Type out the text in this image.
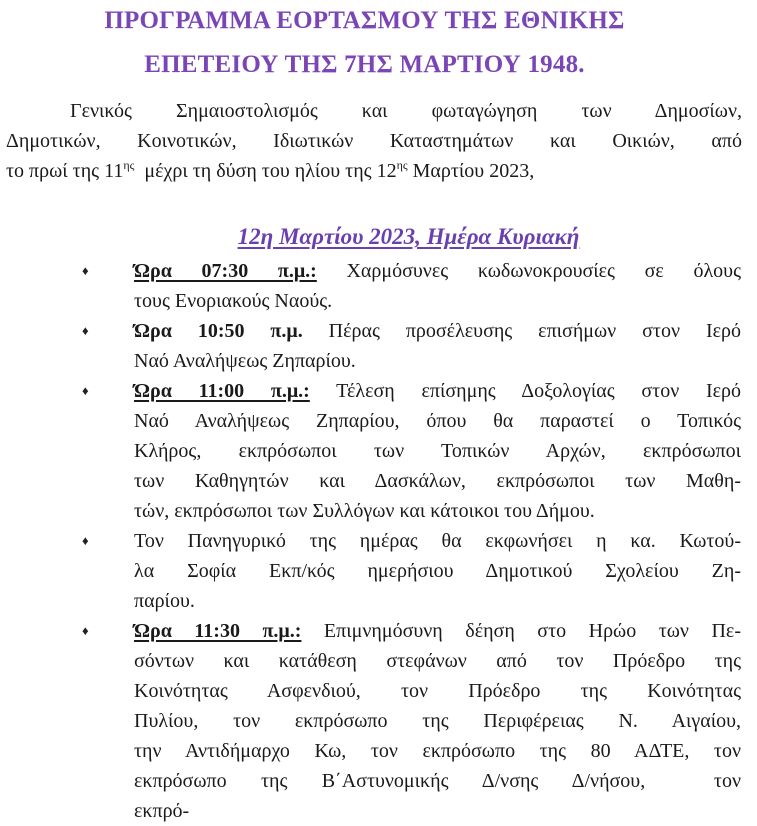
ΠΡΟΓΡΑΜΜΑ ΕΟΡΤΑΣΜΟΥ ΤΗΣ ΕΘΝΙΚΗΣ
ΕΠΕΤΕΙΟΥ ΤΗΣ 7ΗΣ ΜΑΡΤΙΟΥ 1948.
Γενικός Σημαιοστολισμός και φωταγώγηση των Δημοσίων,
Δημοτικών, Κοινοτικών, Ιδιωτικών Καταστημάτων και Οικιών, από
το πρωί της $11^{\eta\varsigma}$  μέχρι τη δύση του ηλίου της $12^{\eta\varsigma}$ Μαρτίου 2023,
12η Μαρτίου 2023, Ημέρα Κυριακή
♦ Ώρα 07:30 π.μ.: Χαρμόσυνες κωδωνοκρουσίες σε όλους
τους Ενοριακούς Ναούς.
♦ Ώρα 10:50 π.μ. Πέρας προσέλευσης επισήμων στον Ιερό
Ναό Αναλήψεως Ζηπαρίου.
♦ Ώρα 11:00 π.μ.: Τέλεση επίσημης Δοξολογίας στον Ιερό
Ναό Αναλήψεως Ζηπαρίου, όπου θα παραστεί ο Τοπικός
Κλήρος, εκπρόσωποι των Τοπικών Αρχών, εκπρόσωποι
των Καθηγητών και Δασκάλων, εκπρόσωποι των Μαθη-
τών, εκπρόσωποι των Συλλόγων και κάτοικοι του Δήμου.
♦ Τον Πανηγυρικό της ημέρας θα εκφωνήσει η κα. Κωτού-
λα Σοφία Εκπ/κός ημερήσιου Δημοτικού Σχολείου Ζη-
παρίου.
♦ Ώρα 11:30 π.μ.: Επιμνημόσυνη δέηση στο Ηρώο των Πε-
σόντων και κατάθεση στεφάνων από τον Πρόεδρο της
Κοινότητας Ασφενδιού, τον Πρόεδρο της Κοινότητας
Πυλίου, τον εκπρόσωπο της Περιφέρειας Ν. Αιγαίου,
την Αντιδήμαρχο Κω, τον εκπρόσωπο της 80 ΑΔΤΕ, τον
εκπρόσωπο της Β΄Αστυνομικής Δ/νσης Δ/νήσου,  τον
εκπρό-
